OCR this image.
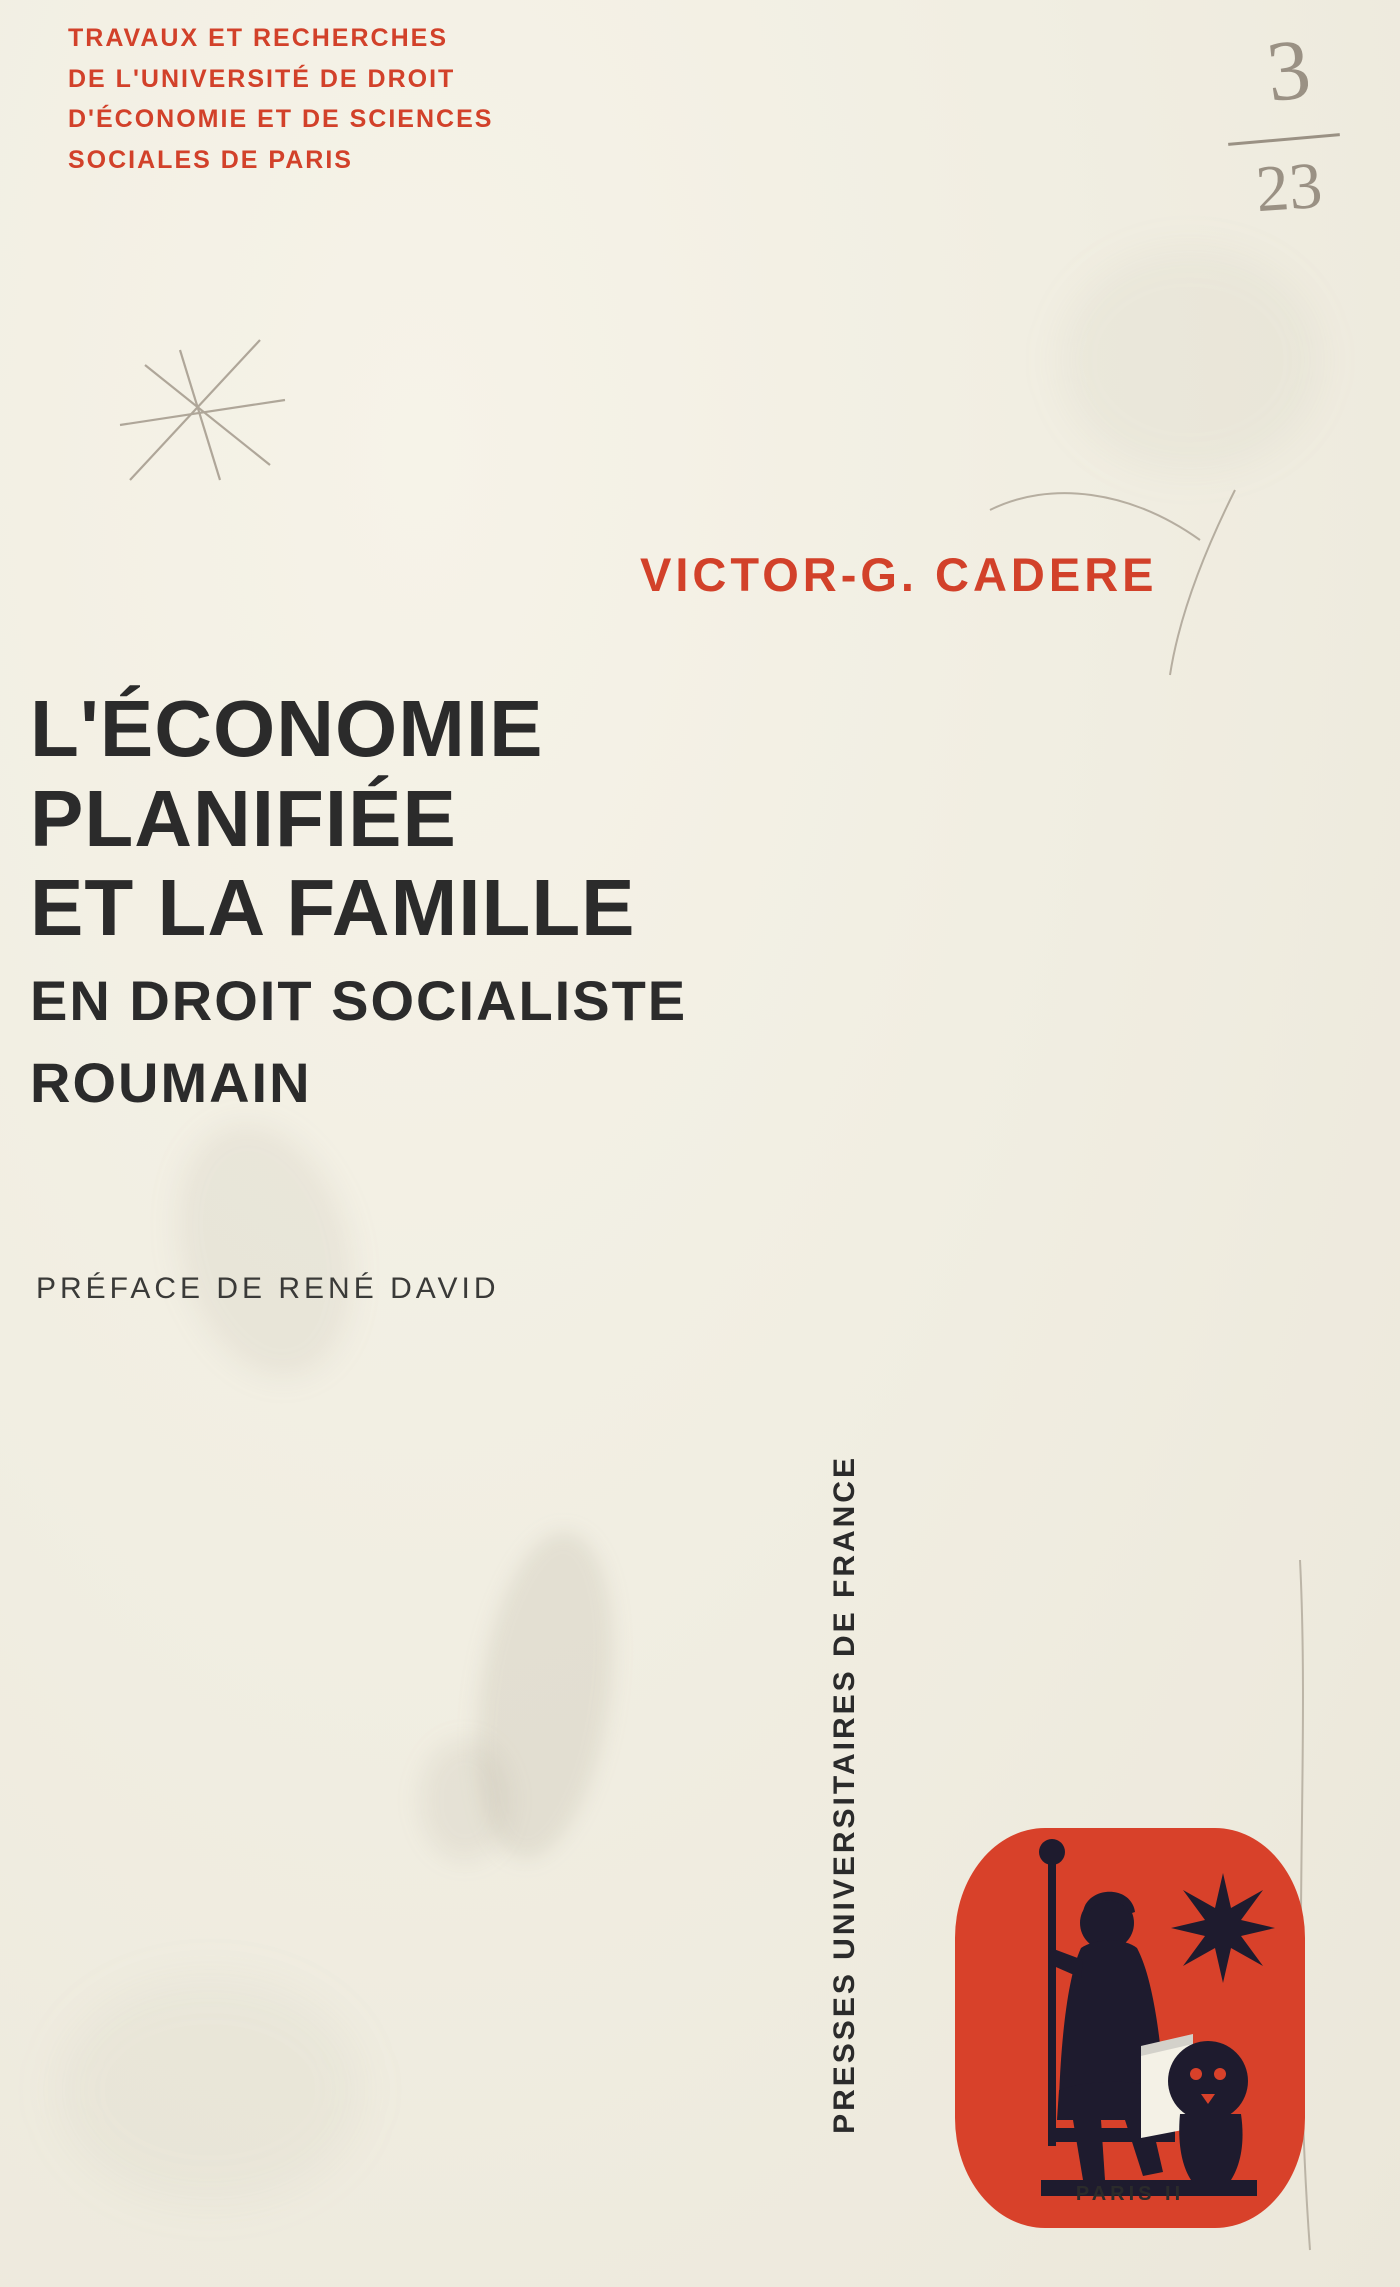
3
23
TRAVAUX ET RECHERCHES
DE L'UNIVERSITÉ DE DROIT
D'ÉCONOMIE ET DE SCIENCES
SOCIALES DE PARIS
VICTOR-G. CADERE
L'ÉCONOMIE
PLANIFIÉE
ET LA FAMILLE
EN DROIT SOCIALISTE
ROUMAIN
PRÉFACE DE RENÉ DAVID
PRESSES UNIVERSITAIRES DE FRANCE
PARIS II
